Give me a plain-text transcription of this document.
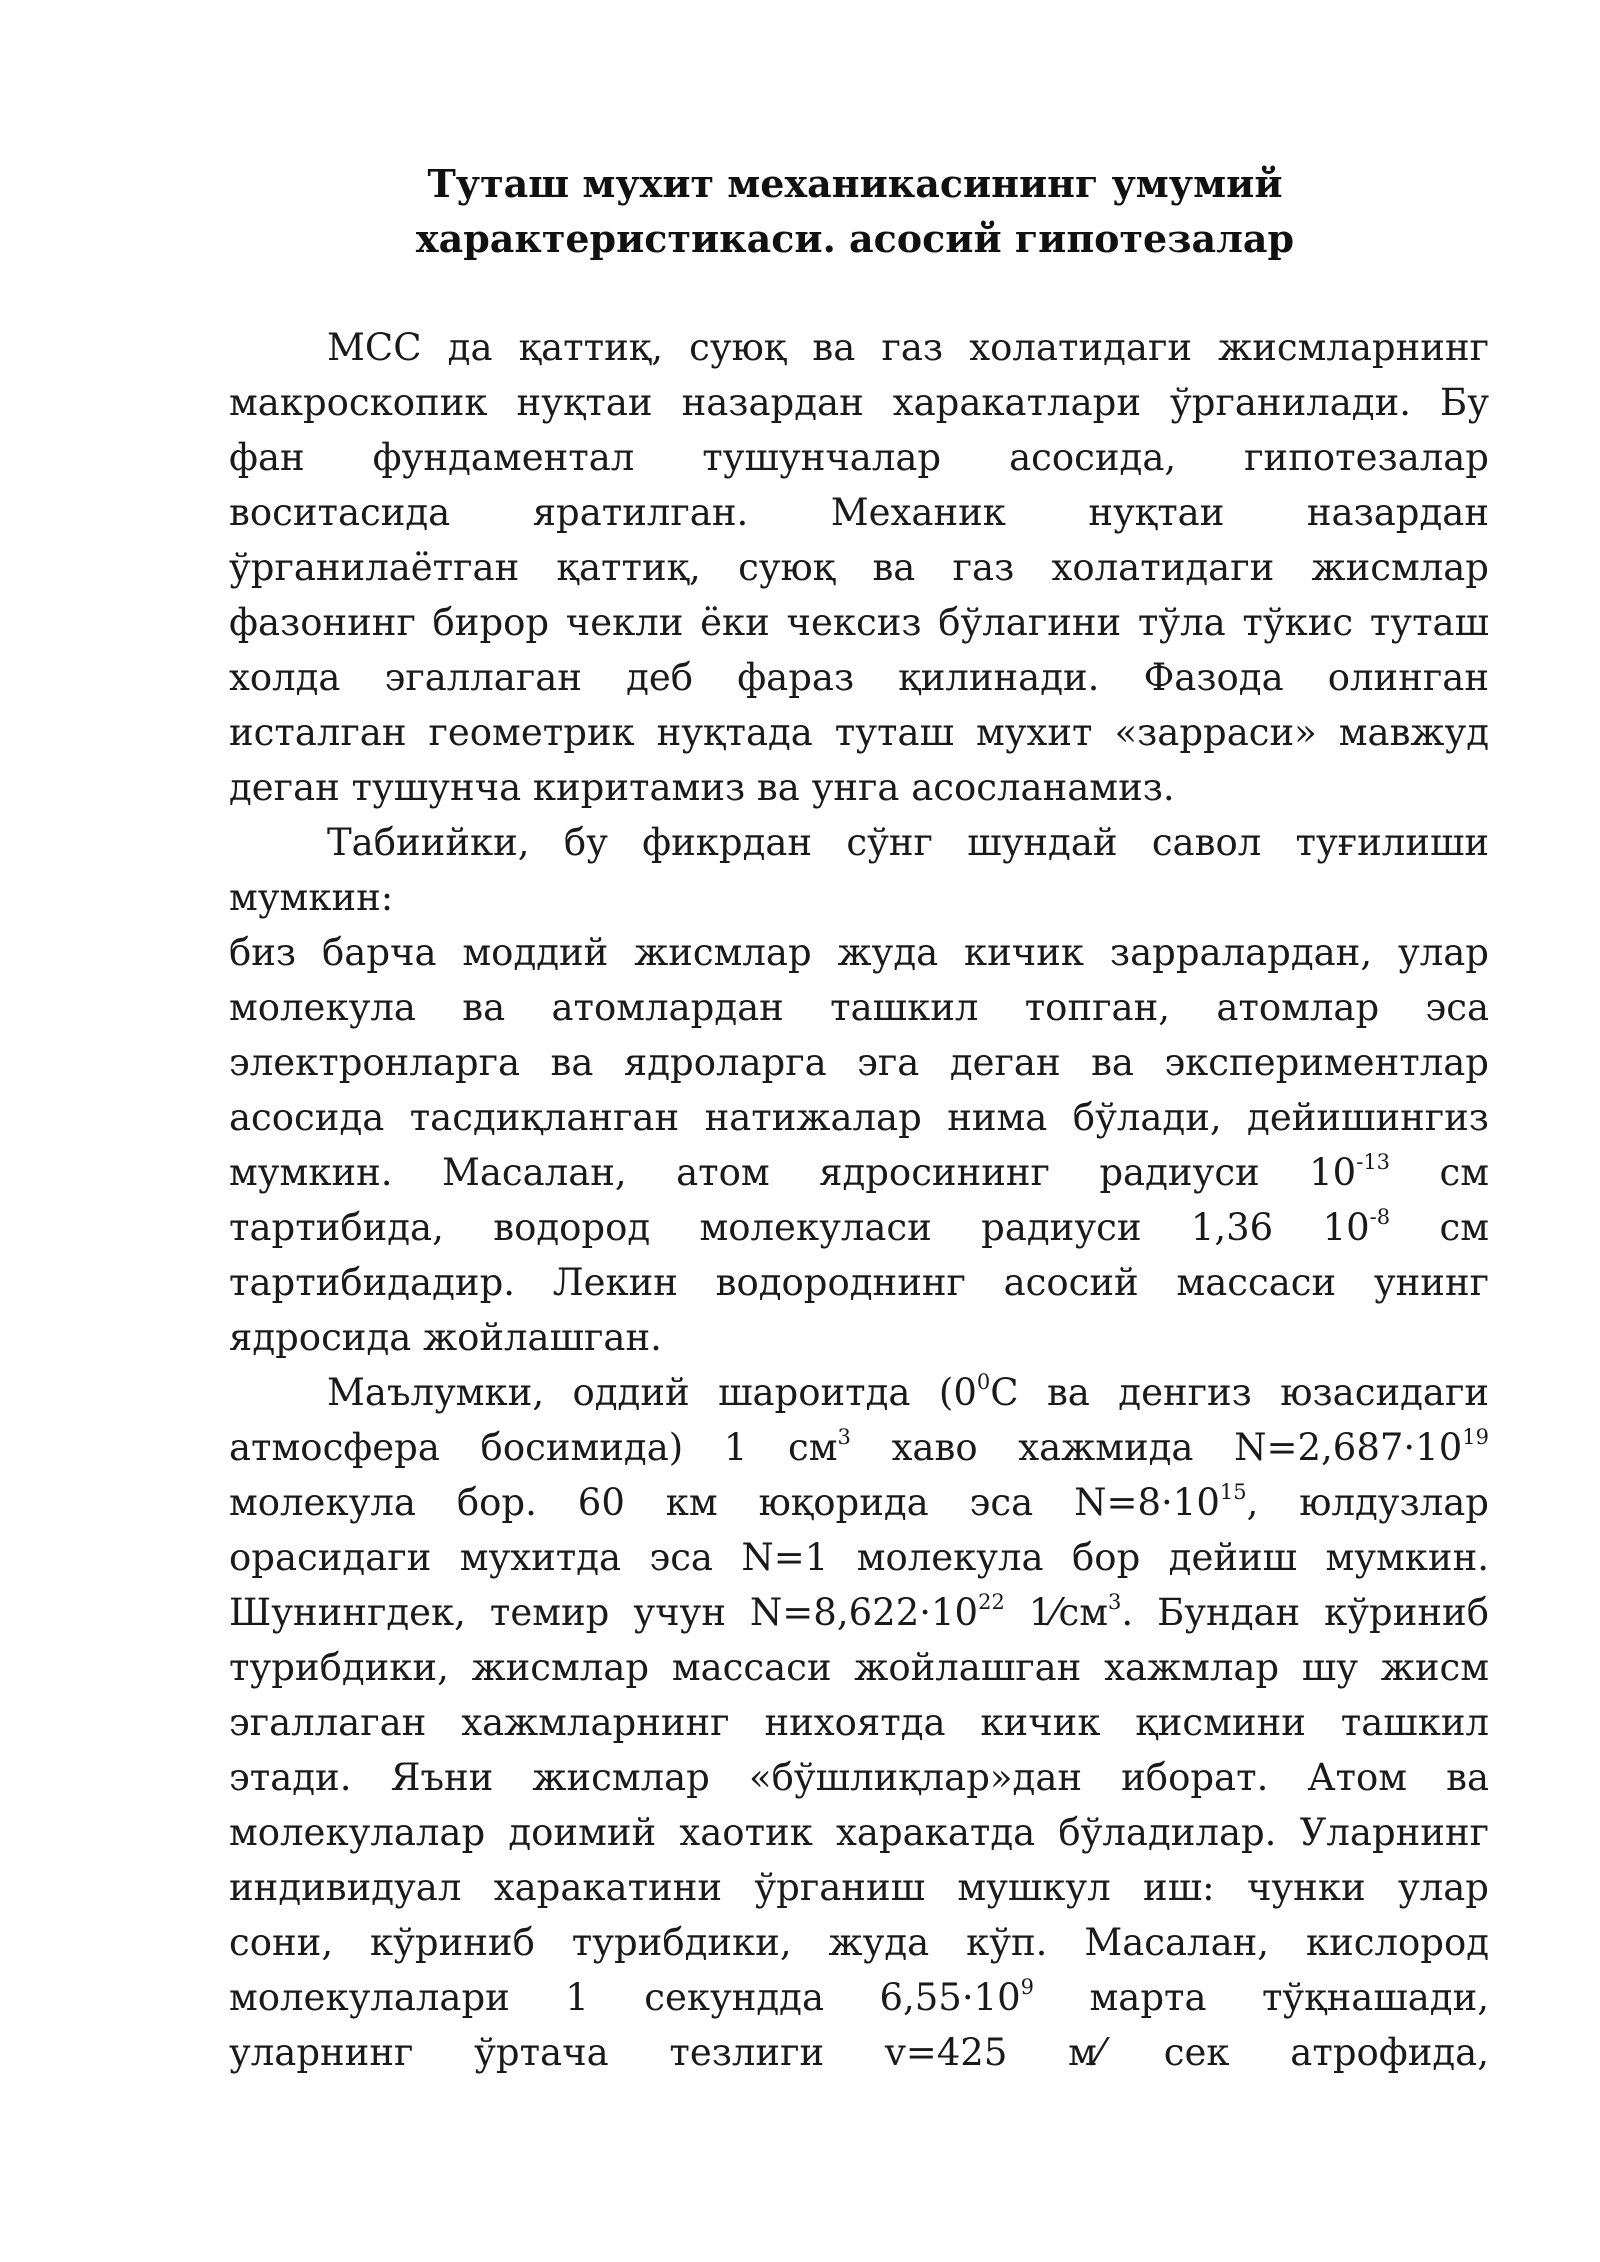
Туташ мухит механикасининг умумий
характеристикаси. асосий гипотезалар
МСС да қаттиқ, суюқ ва газ холатидаги жисмларнинг
макроскопик нуқтаи назардан харакатлари ўрганилади. Бу
фан фундаментал тушунчалар асосида, гипотезалар
воситасида яратилган. Механик нуқтаи назардан
ўрганилаётган қаттиқ, суюқ ва газ холатидаги жисмлар
фазонинг бирор чекли ёки чексиз бўлагини тўла тўкис туташ
холда эгаллаган деб фараз қилинади. Фазода олинган
исталган геометрик нуқтада туташ мухит «зарраси» мавжуд
деган тушунча киритамиз ва унга асосланамиз.
Табиийки, бу фикрдан сўнг шундай савол туғилиши
мумкин:
биз барча моддий жисмлар жуда кичик зарралардан, улар
молекула ва атомлардан ташкил топган, атомлар эса
электронларга ва ядроларга эга деган ва экспериментлар
асосида тасдиқланган натижалар нима бўлади, дейишингиз
мумкин. Масалан, атом ядросининг радиуси $10^{-13}$ см
тартибида, водород молекуласи радиуси 1,36 $10^{-8}$ см
тартибидадир. Лекин водороднинг асосий массаси унинг
ядросида жойлашган.
Маълумки, оддий шароитда ($0^0С$ ва денгиз юзасидаги
атмосфера босимида) 1 $см^3$ хаво хажмида $N=2,687\cdot 10^{19}$
молекула бор. 60 км юқорида эса $N=8\cdot 10^{15}$, юлдузлар
орасидаги мухитда эса N=1 молекула бор дейиш мумкин.
Шунингдек, темир учун $N=8,622\cdot 10^{22}$ $1⁄см^3$. Бундан кўриниб
турибдики, жисмлар массаси жойлашган хажмлар шу жисм
эгаллаган хажмларнинг нихоятда кичик қисмини ташкил
этади. Яъни жисмлар «бўшлиқлар»дан иборат. Атом ва
молекулалар доимий хаотик харакатда бўладилар. Уларнинг
индивидуал харакатини ўрганиш мушкул иш: чунки улар
сони, кўриниб турибдики, жуда кўп. Масалан, кислород
молекулалари 1 секундда $6,55\cdot 10^9$ марта тўқнашади,
уларнинг ўртача тезлиги v=425 м⁄ сек атрофида,
